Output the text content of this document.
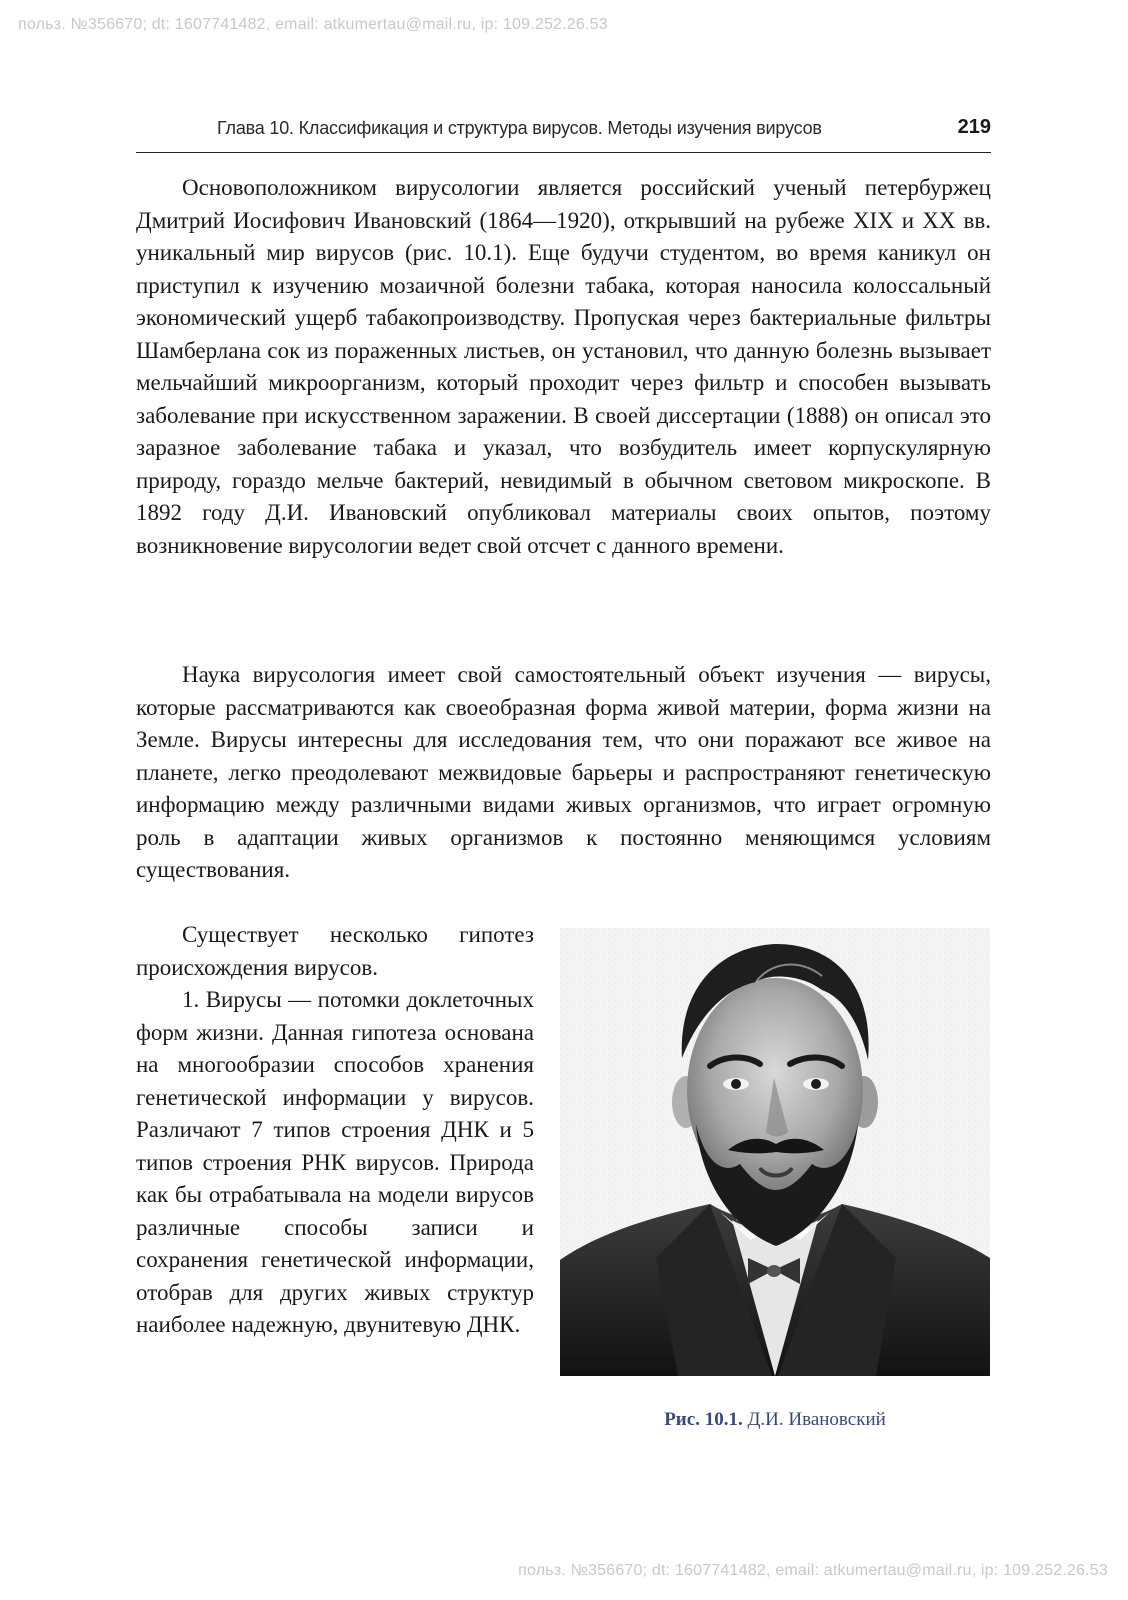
польз. №356670; dt: 1607741482, email: atkumertau@mail.ru, ip: 109.252.26.53
Глава 10. Классификация и структура вирусов. Методы изучения вирусов	219

Основоположником вирусологии является российский ученый петербуржец Дмитрий Иосифович Ивановский (1864—1920), открывший на рубеже XIX и XX вв. уникальный мир вирусов (рис. 10.1). Еще будучи студентом, во время каникул он приступил к изучению мозаичной болезни табака, которая наносила колоссальный экономический ущерб табакопроизводству. Пропуская через бактериальные фильтры Шамберлана сок из пораженных листьев, он установил, что данную болезнь вызывает мельчайший микроорганизм, который проходит через фильтр и способен вызывать заболевание при искусственном заражении. В своей диссертации (1888) он описал это заразное заболевание табака и указал, что возбудитель имеет корпускулярную природу, гораздо мельче бактерий, невидимый в обычном световом микроскопе. В 1892 году Д.И. Ивановский опубликовал материалы своих опытов, поэтому возникновение вирусологии ведет свой отсчет с данного времени.

Наука вирусология имеет свой самостоятельный объект изучения — вирусы, которые рассматриваются как своеобразная форма живой материи, форма жизни на Земле. Вирусы интересны для исследования тем, что они поражают все живое на планете, легко преодолевают межвидовые барьеры и распространяют генетическую информацию между различными видами живых организмов, что играет огромную роль в адаптации живых организмов к постоянно меняющимся условиям существования.

Существует несколько гипотез происхождения вирусов.

1. Вирусы — потомки доклеточных форм жизни. Данная гипотеза основана на многообразии способов хранения генетической информации у вирусов. Различают 7 типов строения ДНК и 5 типов строения РНК вирусов. Природа как бы отрабатывала на модели вирусов различные способы записи и сохранения генетической информации, отобрав для других живых структур наиболее надежную, двунитевую ДНК.

Рис. 10.1. Д.И. Ивановский
польз. №356670; dt: 1607741482, email: atkumertau@mail.ru, ip: 109.252.26.53
